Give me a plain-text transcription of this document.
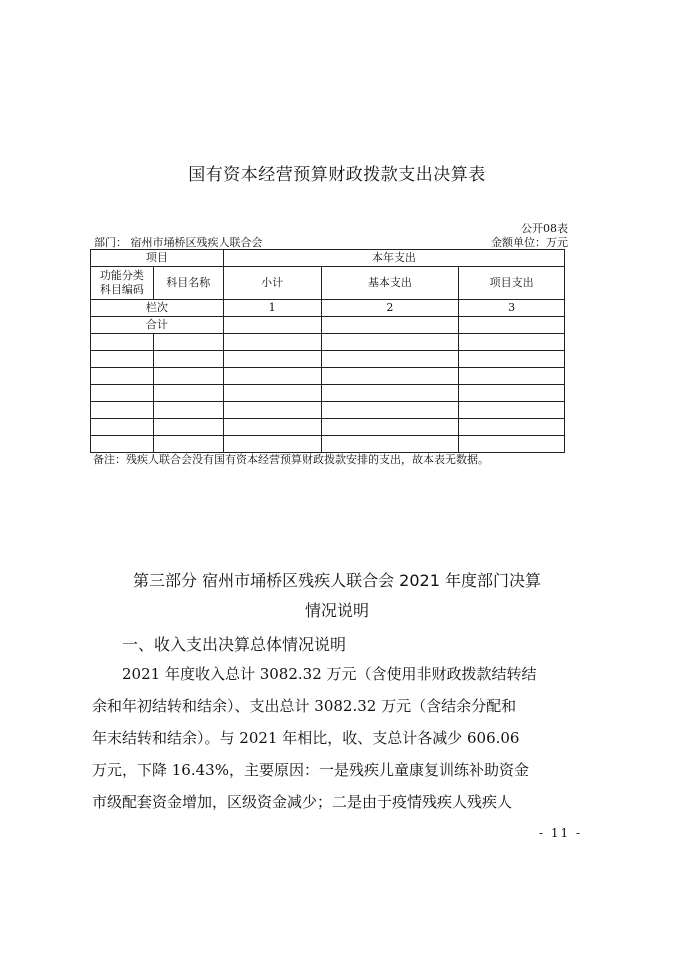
国有资本经营预算财政拨款支出决算表
公开08表
部门： 宿州市埇桥区残疾人联合会	金额单位：万元
项目		本年支出		

功能分类
科目编码	科目名称	小计	基本支出	项目支出
栏次		1	2	3
合计				

备注：残疾人联合会没有国有资本经营预算财政拨款安排的支出，故本表无数据。
第三部分 宿州市埇桥区残疾人联合会 2021 年度部门决算
情况说明
一、收入支出决算总体情况说明
2021 年度收入总计 3082.32 万元（含使用非财政拨款结转结
余和年初结转和结余）、支出总计 3082.32 万元（含结余分配和
年末结转和结余）。与 2021 年相比，收、支总计各减少 606.06
万元，下降 16.43%，主要原因：一是残疾儿童康复训练补助资金
市级配套资金增加，区级资金减少；二是由于疫情残疾人残疾人
- 11 -
